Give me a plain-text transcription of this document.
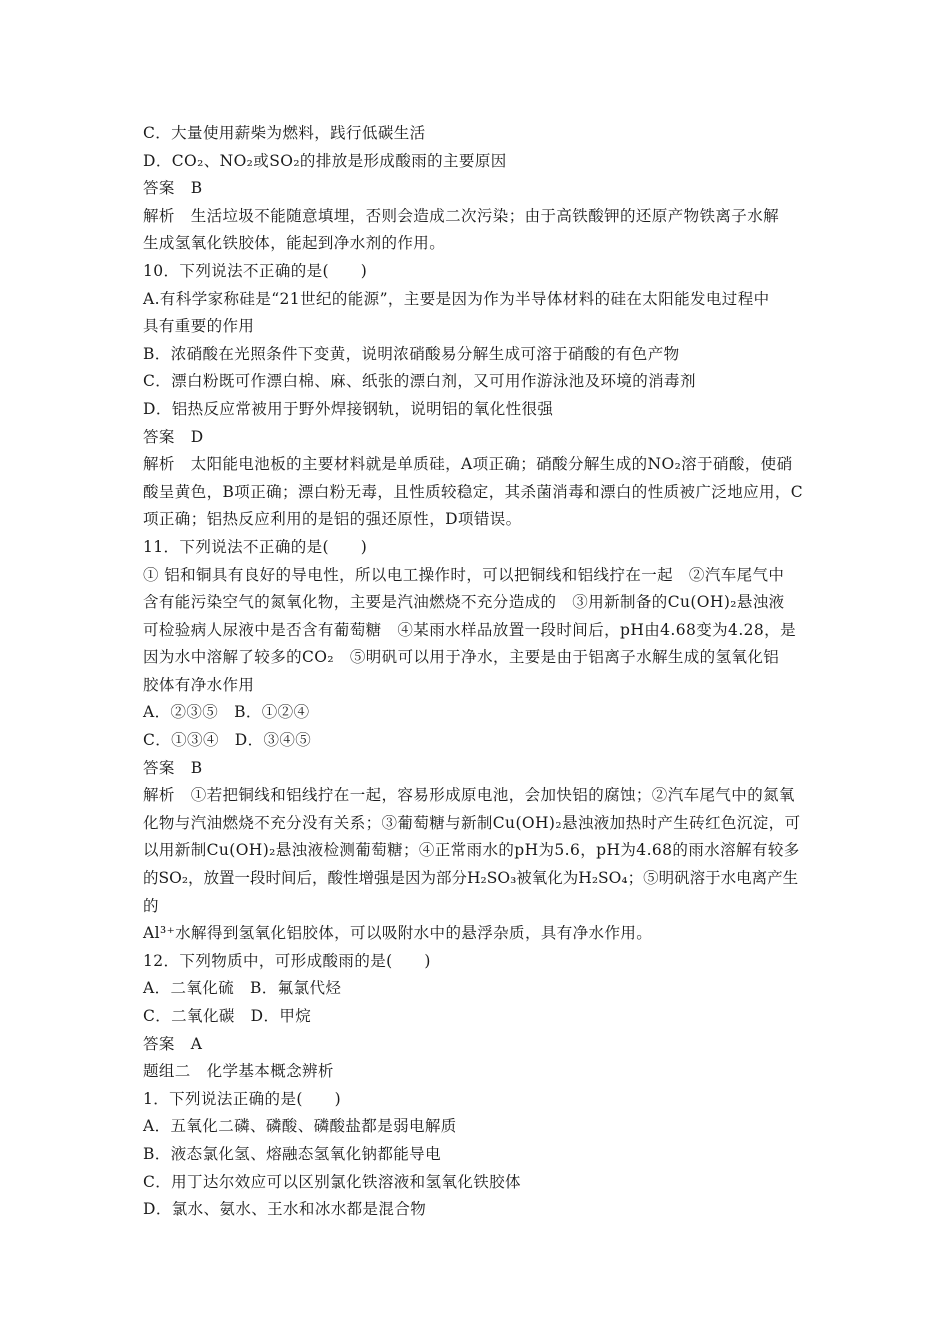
C．大量使用薪柴为燃料，践行低碳生活

D．CO₂、NO₂或SO₂的排放是形成酸雨的主要原因

答案　B

解析　生活垃圾不能随意填埋，否则会造成二次污染；由于高铁酸钾的还原产物铁离子水解

生成氢氧化铁胶体，能起到净水剂的作用。

10．下列说法不正确的是(　　)

A.有科学家称硅是“21世纪的能源”，主要是因为作为半导体材料的硅在太阳能发电过程中

具有重要的作用

B．浓硝酸在光照条件下变黄，说明浓硝酸易分解生成可溶于硝酸的有色产物

C．漂白粉既可作漂白棉、麻、纸张的漂白剂，又可用作游泳池及环境的消毒剂

D．铝热反应常被用于野外焊接钢轨，说明铝的氧化性很强

答案　D

解析　太阳能电池板的主要材料就是单质硅，A项正确；硝酸分解生成的NO₂溶于硝酸，使硝

酸呈黄色，B项正确；漂白粉无毒，且性质较稳定，其杀菌消毒和漂白的性质被广泛地应用，C

项正确；铝热反应利用的是铝的强还原性，D项错误。

11．下列说法不正确的是(　　)

① 铝和铜具有良好的导电性，所以电工操作时，可以把铜线和铝线拧在一起　②汽车尾气中

含有能污染空气的氮氧化物，主要是汽油燃烧不充分造成的　③用新制备的Cu(OH)₂悬浊液

可检验病人尿液中是否含有葡萄糖　④某雨水样品放置一段时间后，pH由4.68变为4.28，是

因为水中溶解了较多的CO₂　⑤明矾可以用于净水，主要是由于铝离子水解生成的氢氧化铝

胶体有净水作用

A．②③⑤　B．①②④

C．①③④　D．③④⑤

答案　B

解析　①若把铜线和铝线拧在一起，容易形成原电池，会加快铝的腐蚀；②汽车尾气中的氮氧

化物与汽油燃烧不充分没有关系；③葡萄糖与新制Cu(OH)₂悬浊液加热时产生砖红色沉淀，可

以用新制Cu(OH)₂悬浊液检测葡萄糖；④正常雨水的pH为5.6，pH为4.68的雨水溶解有较多

的SO₂，放置一段时间后，酸性增强是因为部分H₂SO₃被氧化为H₂SO₄；⑤明矾溶于水电离产生的

Al³⁺水解得到氢氧化铝胶体，可以吸附水中的悬浮杂质，具有净水作用。

12．下列物质中，可形成酸雨的是(　　)

A．二氧化硫　B．氟氯代烃

C．二氧化碳　D．甲烷

答案　A

题组二　化学基本概念辨析

1．下列说法正确的是(　　)

A．五氧化二磷、磷酸、磷酸盐都是弱电解质

B．液态氯化氢、熔融态氢氧化钠都能导电

C．用丁达尔效应可以区别氯化铁溶液和氢氧化铁胶体

D．氯水、氨水、王水和冰水都是混合物
